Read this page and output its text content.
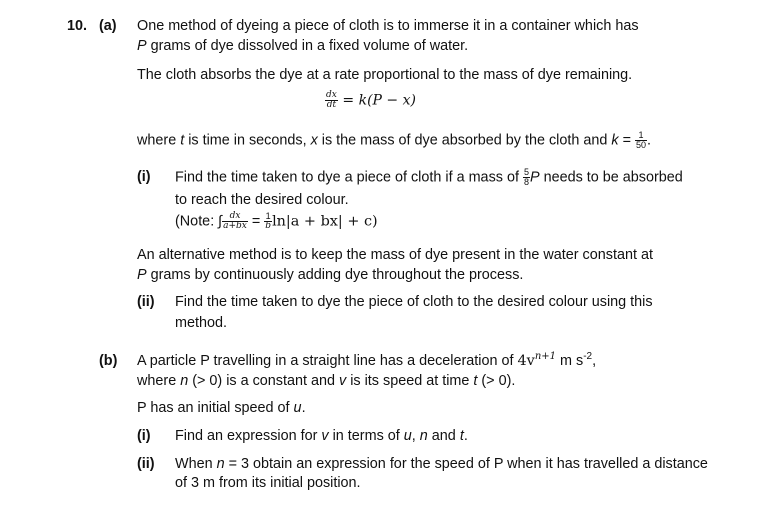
10. (a) One method of dyeing a piece of cloth is to immerse it in a container which has
P grams of dye dissolved in a fixed volume of water.
The cloth absorbs the dye at a rate proportional to the mass of dye remaining.
$\frac{dx}{dt} = k(P - x)$
where t is time in seconds, x is the mass of dye absorbed by the cloth and $k = \frac{1}{50}$ .
(i) Find the time taken to dye a piece of cloth if a mass of $\frac{5}{8}$ P needs to be absorbed
to reach the desired colour.
(Note: ∫ $\frac{dx}{a+bx} = \frac{1}{b} \ln|a + bx| + c$)
An alternative method is to keep the mass of dye present in the water constant at
P grams by continuously adding dye throughout the process.
(ii) Find the time taken to dye the piece of cloth to the desired colour using this
method.
(b) A particle P travelling in a straight line has a deceleration of $4v^{n+1}$ m $s^{-2}$,
where n (> 0) is a constant and v is its speed at time t (> 0).
P has an initial speed of u.
(i) Find an expression for v in terms of u, n and t.
(ii) When n = 3 obtain an expression for the speed of P when it has travelled a distance
of 3 m from its initial position.
